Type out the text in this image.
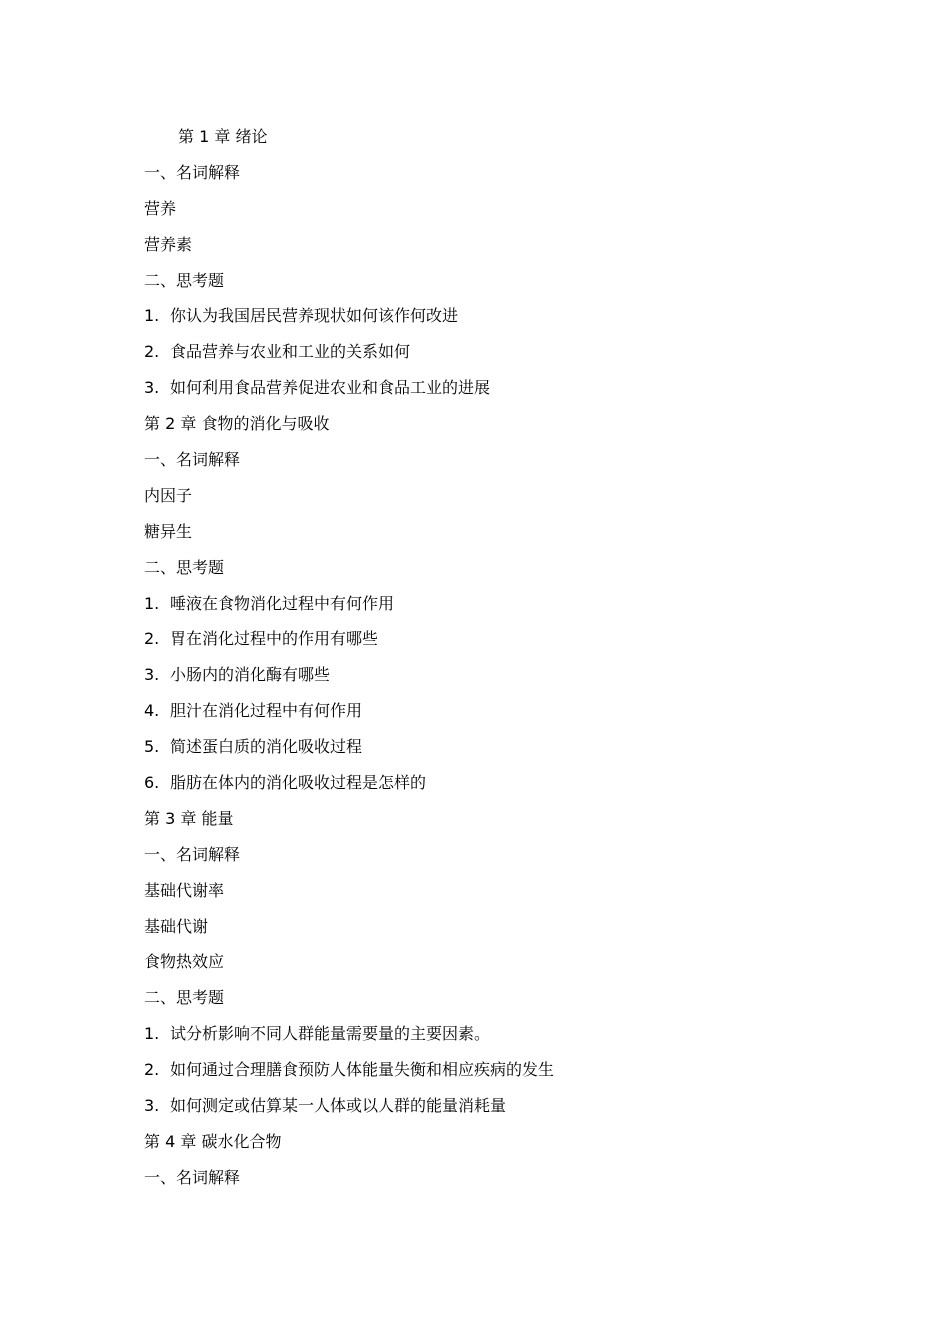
第 1 章 绪论
一、名词解释
营养
营养素
二、思考题
1. 你认为我国居民营养现状如何该作何改进
2. 食品营养与农业和工业的关系如何
3. 如何利用食品营养促进农业和食品工业的进展
第 2 章 食物的消化与吸收
一、名词解释
内因子
糖异生
二、思考题
1. 唾液在食物消化过程中有何作用
2. 胃在消化过程中的作用有哪些
3. 小肠内的消化酶有哪些
4. 胆汁在消化过程中有何作用
5. 简述蛋白质的消化吸收过程
6. 脂肪在体内的消化吸收过程是怎样的
第 3 章 能量
一、名词解释
基础代谢率
基础代谢
食物热效应
二、思考题
1. 试分析影响不同人群能量需要量的主要因素。
2. 如何通过合理膳食预防人体能量失衡和相应疾病的发生
3. 如何测定或估算某一人体或以人群的能量消耗量
第 4 章 碳水化合物
一、名词解释
